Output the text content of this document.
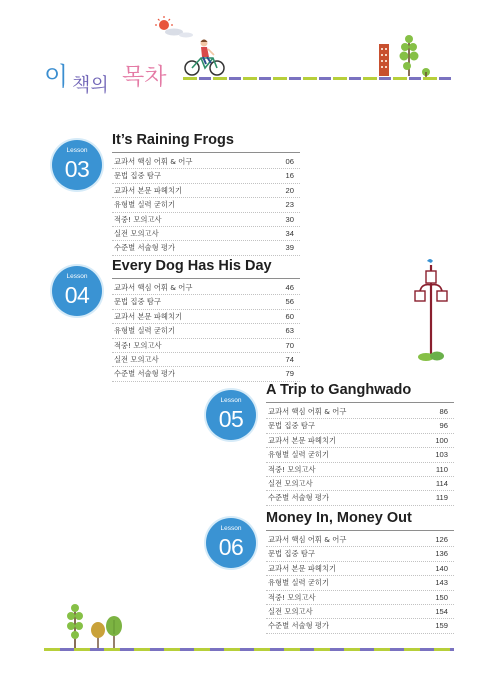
이 책의 목차
Lesson
03
It’s Raining Frogs
교과서 핵심 어휘 & 어구	06
문법 집중 탐구	16
교과서 본문 파헤치기	20
유형별 실력 굳히기	23
적중! 모의고사	30
실전 모의고사	34
수준별 서술형 평가	39
Lesson
04
Every Dog Has His Day
교과서 핵심 어휘 & 어구	46
문법 집중 탐구	56
교과서 본문 파헤치기	60
유형별 실력 굳히기	63
적중! 모의고사	70
실전 모의고사	74
수준별 서술형 평가	79
Lesson
05
A Trip to Ganghwado
교과서 핵심 어휘 & 어구	86
문법 집중 탐구	96
교과서 본문 파헤치기	100
유형별 실력 굳히기	103
적중! 모의고사	110
실전 모의고사	114
수준별 서술형 평가	119
Lesson
06
Money In, Money Out
교과서 핵심 어휘 & 어구	126
문법 집중 탐구	136
교과서 본문 파헤치기	140
유형별 실력 굳히기	143
적중! 모의고사	150
실전 모의고사	154
수준별 서술형 평가	159
